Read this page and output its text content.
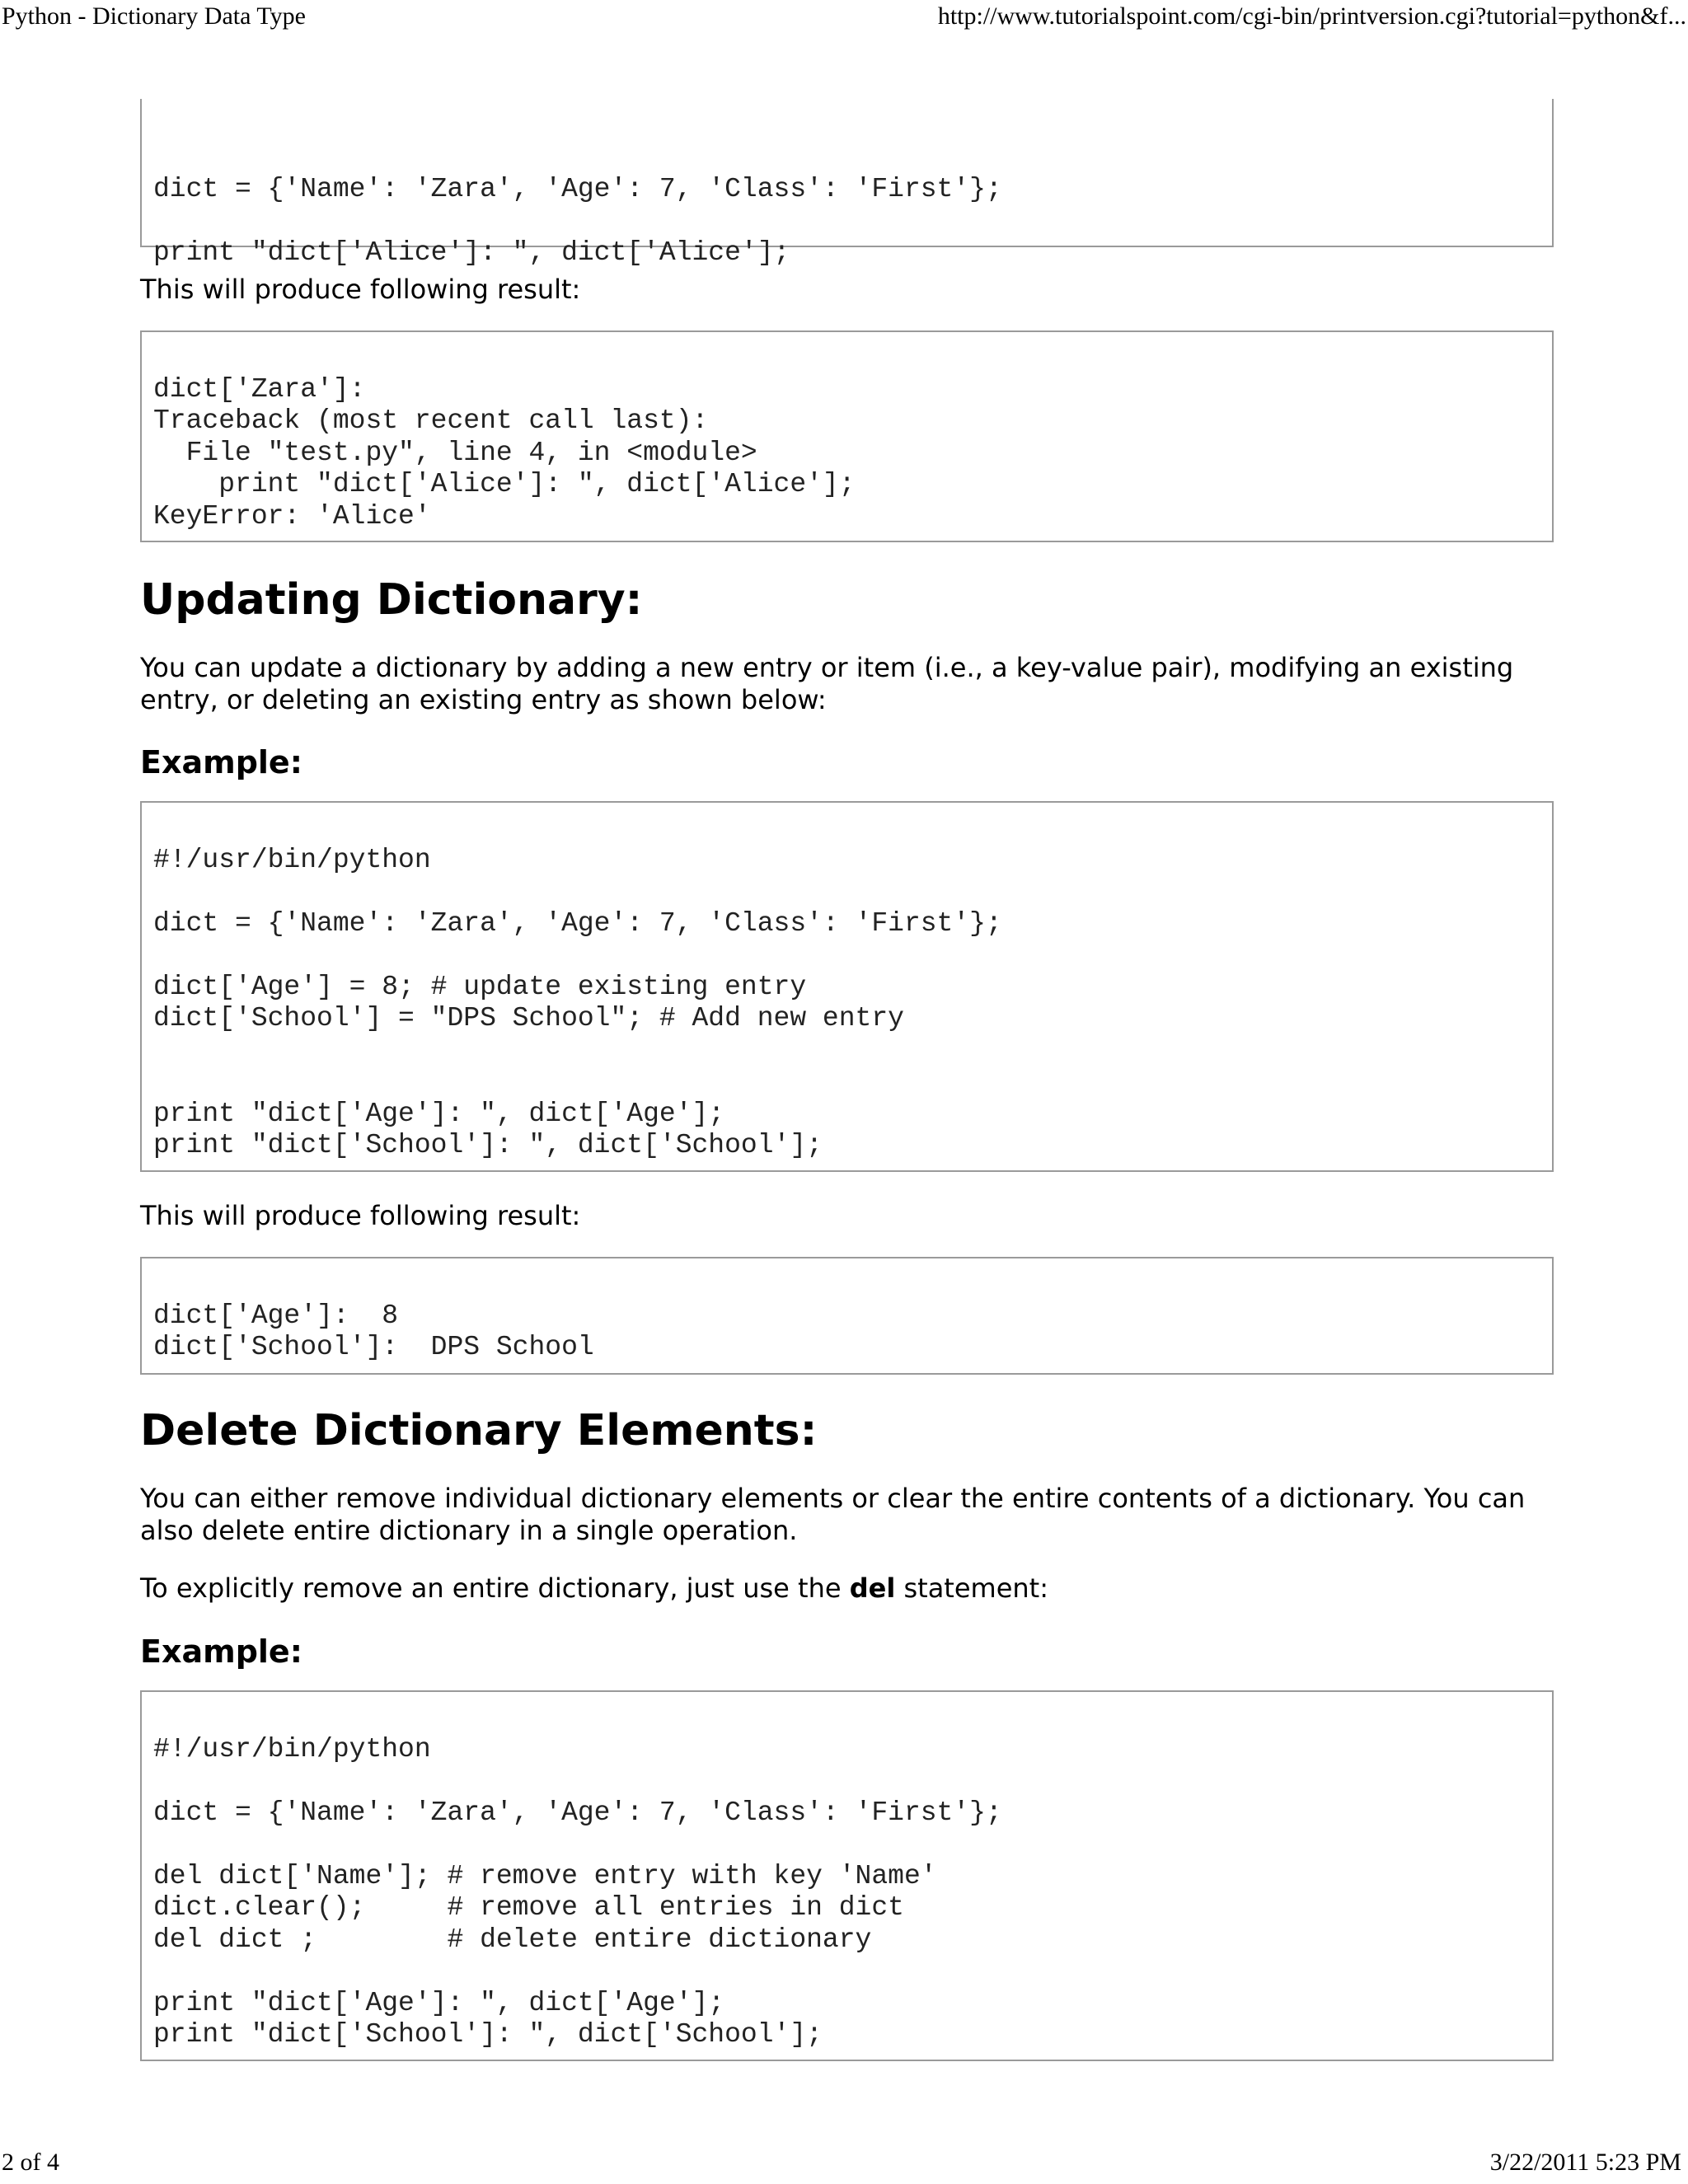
Python - Dictionary Data Type	http://www.tutorialspoint.com/cgi-bin/printversion.cgi?tutorial=python&f...

dict = {'Name': 'Zara', 'Age': 7, 'Class': 'First'};

print "dict['Alice']: ", dict['Alice'];

This will produce following result:

dict['Zara']:
Traceback (most recent call last):
File "test.py", line 4, in <module>
print "dict['Alice']: ", dict['Alice'];
KeyError: 'Alice'
Updating Dictionary:

You can update a dictionary by adding a new entry or item (i.e., a key-value pair), modifying an existing entry, or deleting an existing entry as shown below:

Example:

#!/usr/bin/python

dict = {'Name': 'Zara', 'Age': 7, 'Class': 'First'};

dict['Age'] = 8; # update existing entry
dict['School'] = "DPS School"; # Add new entry

print "dict['Age']: ", dict['Age'];
print "dict['School']: ", dict['School'];

This will produce following result:

dict['Age']:  8
dict['School']:  DPS School
Delete Dictionary Elements:

You can either remove individual dictionary elements or clear the entire contents of a dictionary. You can also delete entire dictionary in a single operation.

To explicitly remove an entire dictionary, just use the del statement:

Example:

#!/usr/bin/python

dict = {'Name': 'Zara', 'Age': 7, 'Class': 'First'};

del dict['Name']; # remove entry with key 'Name'
dict.clear();     # remove all entries in dict
del dict ;        # delete entire dictionary

print "dict['Age']: ", dict['Age'];
print "dict['School']: ", dict['School'];
2 of 4	3/22/2011 5:23 PM
